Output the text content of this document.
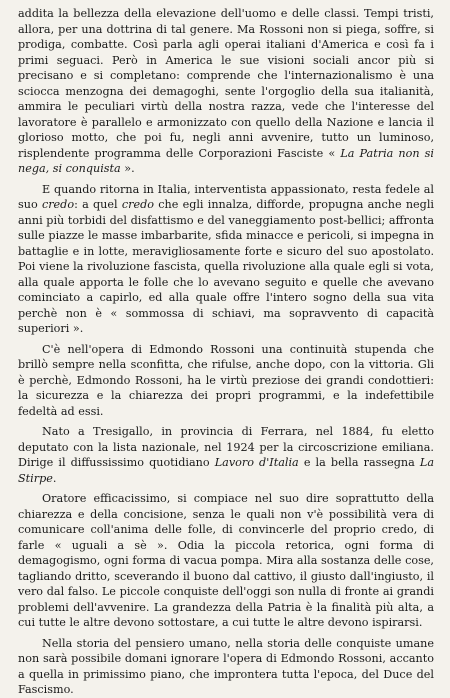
addita la bellezza della elevazione dell'uomo e delle classi. Tempi tristi, allora, per una dottrina di tal genere. Ma Rossoni non si piega, soffre, si prodiga, combatte. Così parla agli operai italiani d'America e così fa i primi seguaci. Però in America le sue visioni sociali ancor più si precisano e si completano: comprende che l'internazionalismo è una sciocca menzogna dei demagoghi, sente l'orgoglio della sua italianità, ammira le peculiari virtù della nostra razza, vede che l'interesse del lavoratore è parallelo e armonizzato con quello della Nazione e lancia il glorioso motto, che poi fu, negli anni avvenire, tutto un luminoso, risplendente programma delle Corporazioni Fasciste « La Patria non si nega, si conquista ».

E quando ritorna in Italia, interventista appassionato, resta fedele al suo credo: a quel credo che egli innalza, difforde, propugna anche negli anni più torbidi del disfattismo e del vaneggiamento post-bellici; affronta sulle piazze le masse imbarbarite, sfida minacce e pericoli, si impegna in battaglie e in lotte, meravigliosamente forte e sicuro del suo apostolato. Poi viene la rivoluzione fascista, quella rivoluzione alla quale egli si vota, alla quale apporta le folle che lo avevano seguito e quelle che avevano cominciato a capirlo, ed alla quale offre l'intero sogno della sua vita perchè non è « sommossa di schiavi, ma sopravvento di capacità superiori ».

C'è nell'opera di Edmondo Rossoni una continuità stupenda che brillò sempre nella sconfitta, che rifulse, anche dopo, con la vittoria. Gli è perchè, Edmondo Rossoni, ha le virtù preziose dei grandi condottieri: la sicurezza e la chiarezza dei propri programmi, e la indefettibile fedeltà ad essi.

Nato a Tresigallo, in provincia di Ferrara, nel 1884, fu eletto deputato con la lista nazionale, nel 1924 per la circoscrizione emiliana. Dirige il diffussissimo quotidiano Lavoro d'Italia e la bella rassegna La Stirpe.

Oratore efficacissimo, si compiace nel suo dire soprattutto della chiarezza e della concisione, senza le quali non v'è possibilità vera di comunicare coll'anima delle folle, di convincerle del proprio credo, di farle « uguali a sè ». Odia la piccola retorica, ogni forma di demagogismo, ogni forma di vacua pompa. Mira alla sostanza delle cose, tagliando dritto, sceverando il buono dal cattivo, il giusto dall'ingiusto, il vero dal falso. Le piccole conquiste dell'oggi son nulla di fronte ai grandi problemi dell'avvenire. La grandezza della Patria è la finalità più alta, a cui tutte le altre devono sottostare, a cui tutte le altre devono ispirarsi.

Nella storia del pensiero umano, nella storia delle conquiste umane non sarà possibile domani ignorare l'opera di Edmondo Rossoni, accanto a quella in primissimo piano, che improntera tutta l'epoca, del Duce del Fascismo.
